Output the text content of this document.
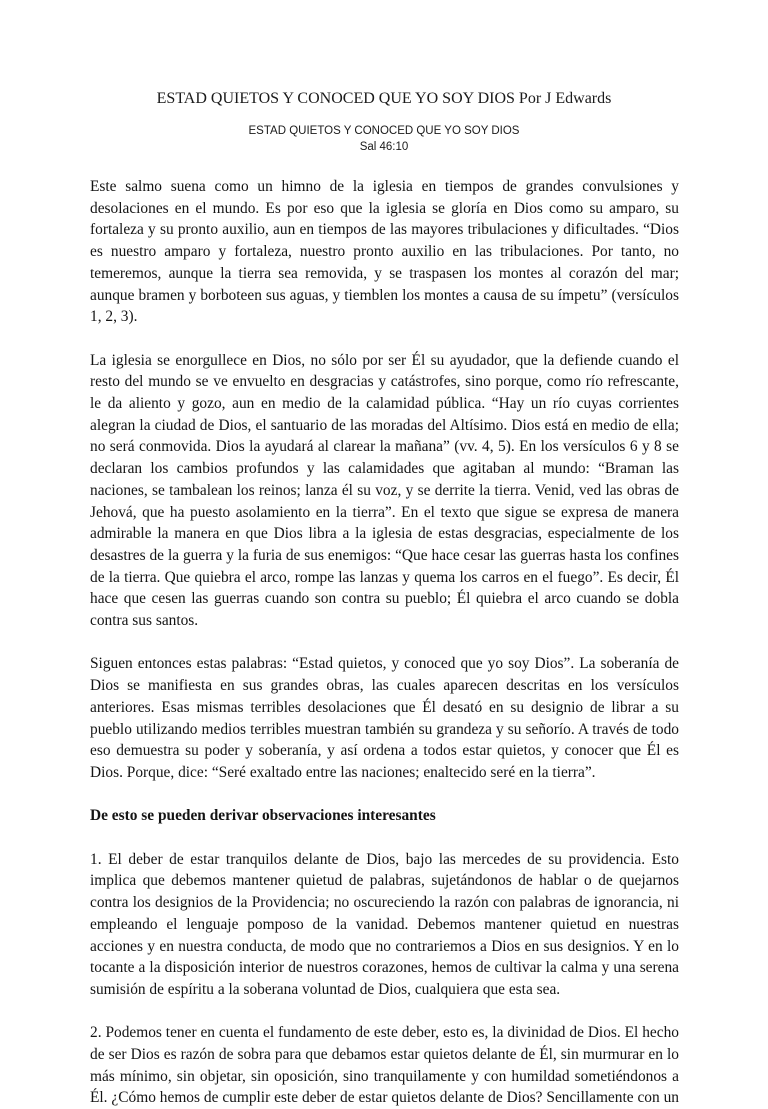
ESTAD QUIETOS Y CONOCED QUE YO SOY DIOS Por J Edwards
ESTAD QUIETOS Y CONOCED QUE YO SOY DIOS
Sal 46:10

Este salmo suena como un himno de la iglesia en tiempos de grandes convulsiones y desolaciones en el mundo. Es por eso que la iglesia se gloría en Dios como su amparo, su fortaleza y su pronto auxilio, aun en tiempos de las mayores tribulaciones y dificultades. “Dios es nuestro amparo y fortaleza, nuestro pronto auxilio en las tribulaciones. Por tanto, no temeremos, aunque la tierra sea removida, y se traspasen los montes al corazón del mar; aunque bramen y borboteen sus aguas, y tiemblen los montes a causa de su ímpetu” (versículos 1, 2, 3).

La iglesia se enorgullece en Dios, no sólo por ser Él su ayudador, que la defiende cuando el resto del mundo se ve envuelto en desgracias y catástrofes, sino porque, como río refrescante, le da aliento y gozo, aun en medio de la calamidad pública. “Hay un río cuyas corrientes alegran la ciudad de Dios, el santuario de las moradas del Altísimo. Dios está en medio de ella; no será conmovida. Dios la ayudará al clarear la mañana” (vv. 4, 5). En los versículos 6 y 8 se declaran los cambios profundos y las calamidades que agitaban al mundo: “Braman las naciones, se tambalean los reinos; lanza él su voz, y se derrite la tierra. Venid, ved las obras de Jehová, que ha puesto asolamiento en la tierra”. En el texto que sigue se expresa de manera admirable la manera en que Dios libra a la iglesia de estas desgracias, especialmente de los desastres de la guerra y la furia de sus enemigos: “Que hace cesar las guerras hasta los confines de la tierra. Que quiebra el arco, rompe las lanzas y quema los carros en el fuego”. Es decir, Él hace que cesen las guerras cuando son contra su pueblo; Él quiebra el arco cuando se dobla contra sus santos.

Siguen entonces estas palabras: “Estad quietos, y conoced que yo soy Dios”. La soberanía de Dios se manifiesta en sus grandes obras, las cuales aparecen descritas en los versículos anteriores. Esas mismas terribles desolaciones que Él desató en su designio de librar a su pueblo utilizando medios terribles muestran también su grandeza y su señorío. A través de todo eso demuestra su poder y soberanía, y así ordena a todos estar quietos, y conocer que Él es Dios. Porque, dice: “Seré exaltado entre las naciones; enaltecido seré en la tierra”.

De esto se pueden derivar observaciones interesantes

1. El deber de estar tranquilos delante de Dios, bajo las mercedes de su providencia. Esto implica que debemos mantener quietud de palabras, sujetándonos de hablar o de quejarnos contra los designios de la Providencia; no oscureciendo la razón con palabras de ignorancia, ni empleando el lenguaje pomposo de la vanidad. Debemos mantener quietud en nuestras acciones y en nuestra conducta, de modo que no contrariemos a Dios en sus designios. Y en lo tocante a la disposición interior de nuestros corazones, hemos de cultivar la calma y una serena sumisión de espíritu a la soberana voluntad de Dios, cualquiera que esta sea.

2. Podemos tener en cuenta el fundamento de este deber, esto es, la divinidad de Dios. El hecho de ser Dios es razón de sobra para que debamos estar quietos delante de Él, sin murmurar en lo más mínimo, sin objetar, sin oposición, sino tranquilamente y con humildad sometiéndonos a Él. ¿Cómo hemos de cumplir este deber de estar quietos delante de Dios? Sencillamente con un
